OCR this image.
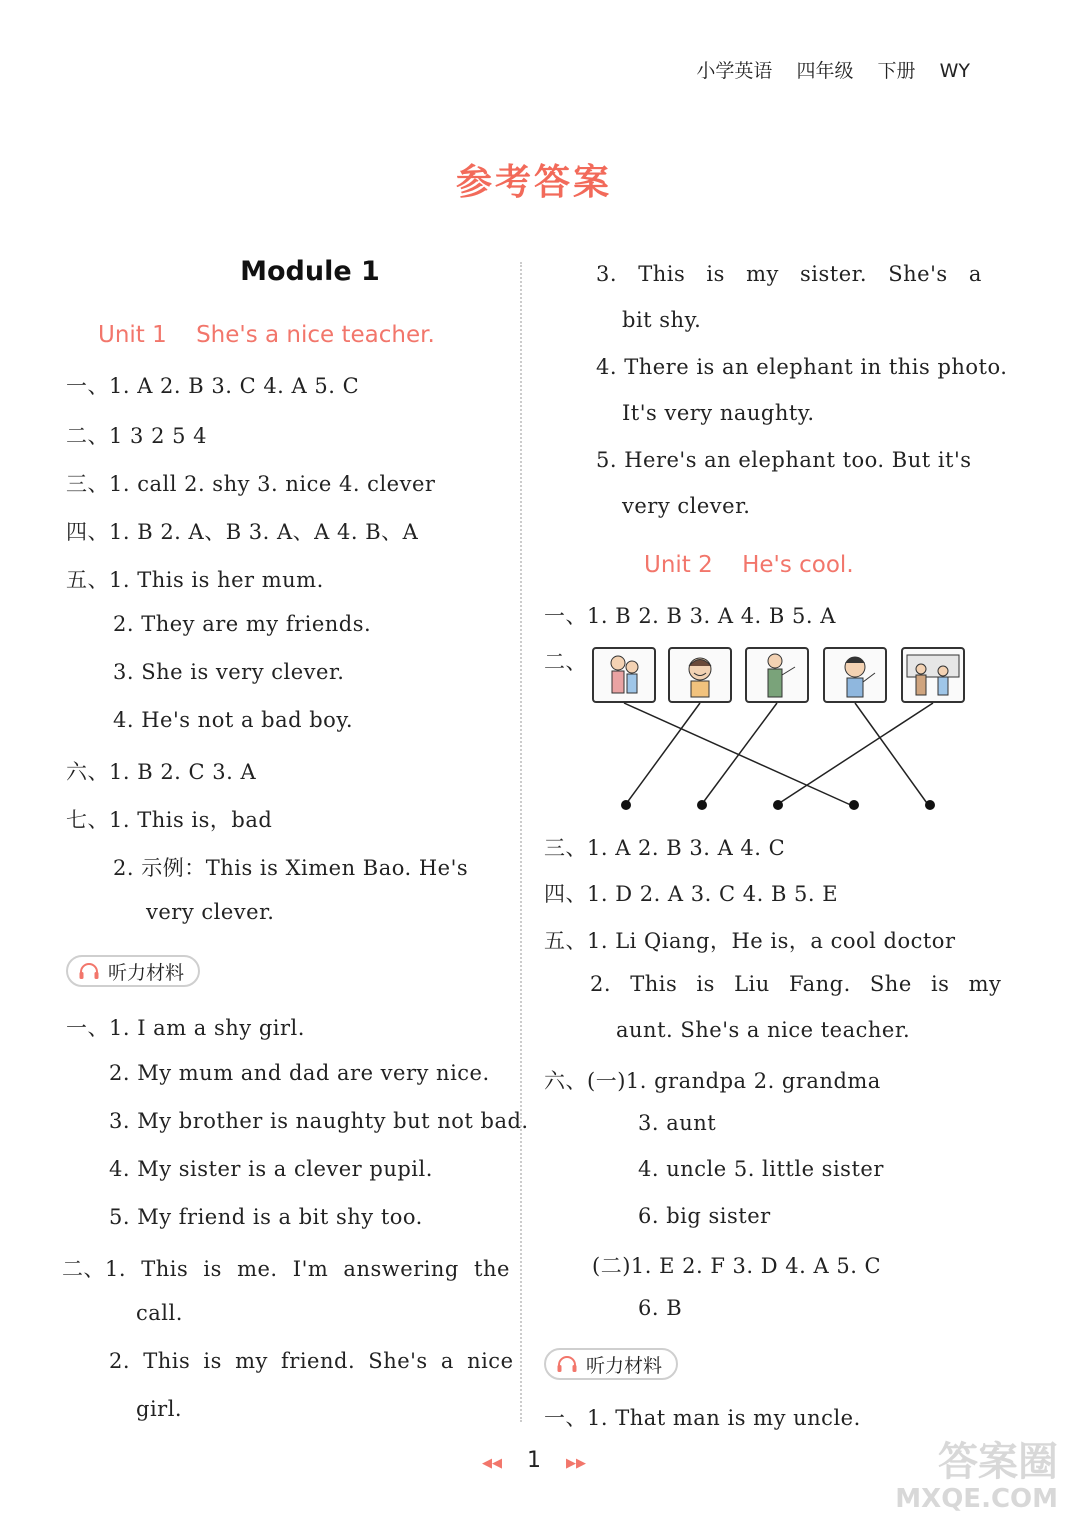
小学英语 四年级 下册 WY
参考答案
Module 1
Unit 1 She's a nice teacher.
一、1. A 2. B 3. C 4. A 5. C
二、1 3 2 5 4
三、1. call 2. shy 3. nice 4. clever
四、1. B 2. A、B 3. A、A 4. B、A
五、1. This is her mum.
2. They are my friends.
3. She is very clever.
4. He's not a bad boy.
六、1. B 2. C 3. A
七、1. This is，bad
2. 示例：This is Ximen Bao. He's
very clever.
听力材料
一、1. I am a shy girl.
2. My mum and dad are very nice.
3. My brother is naughty but not bad.
4. My sister is a clever pupil.
5. My friend is a bit shy too.
二、1. This is me. I'm answering the
call.
2. This is my friend. She's a nice
girl.
3. This is my sister. She's a
bit shy.
4. There is an elephant in this photo.
It's very naughty.
5. Here's an elephant too. But it's
very clever.
Unit 2 He's cool.
一、1. B 2. B 3. A 4. B 5. A
二、
三、1. A 2. B 3. A 4. C
四、1. D 2. A 3. C 4. B 5. E
五、1. Li Qiang，He is，a cool doctor
2. This is Liu Fang. She is my
aunt. She's a nice teacher.
六、(一)1. grandpa 2. grandma
3. aunt
4. uncle 5. little sister
6. big sister
(二)1. E 2. F 3. D 4. A 5. C
6. B
听力材料
一、1. That man is my uncle.
◀◀ 1 ▶▶	答案圈
MXQE.COM
